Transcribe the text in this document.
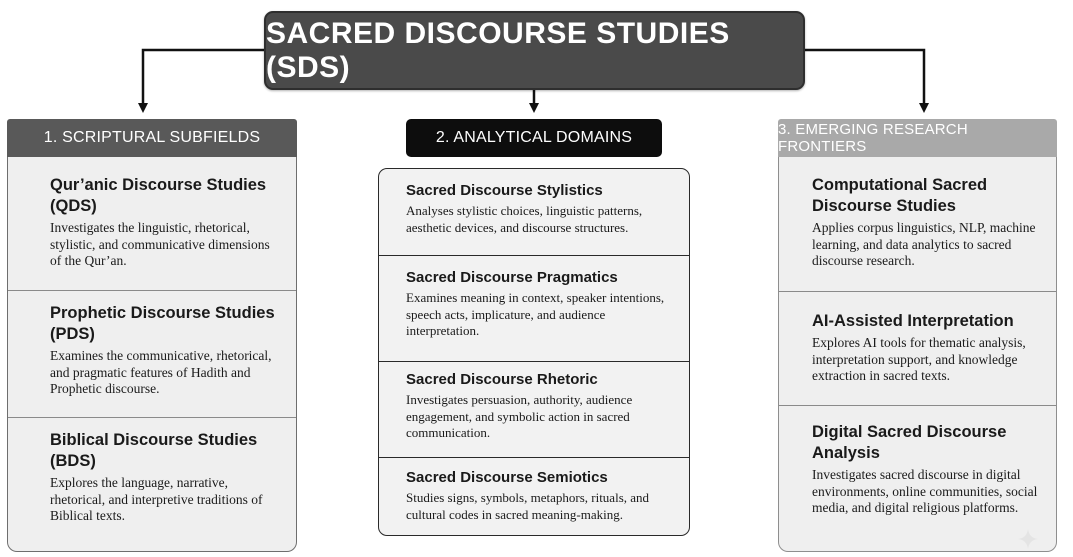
SACRED DISCOURSE STUDIES (SDS)
1. SCRIPTURAL SUBFIELDS
Qur’anic Discourse Studies (QDS)
Investigates the linguistic, rhetorical, stylistic, and communicative dimensions of the Qur’an.
Prophetic Discourse Studies (PDS)
Examines the communicative, rhetorical, and pragmatic features of Hadith and Prophetic discourse.
Biblical Discourse Studies (BDS)
Explores the language, narrative, rhetorical, and interpretive traditions of Biblical texts.
2. ANALYTICAL DOMAINS
Sacred Discourse Stylistics
Analyses stylistic choices, linguistic patterns, aesthetic devices, and discourse structures.
Sacred Discourse Pragmatics
Examines meaning in context, speaker intentions, speech acts, implicature, and audience interpretation.
Sacred Discourse Rhetoric
Investigates persuasion, authority, audience engagement, and symbolic action in sacred communication.
Sacred Discourse Semiotics
Studies signs, symbols, metaphors, rituals, and cultural codes in sacred meaning-making.
3. EMERGING RESEARCH FRONTIERS
Computational Sacred Discourse Studies
Applies corpus linguistics, NLP, machine learning, and data analytics to sacred discourse research.
AI-Assisted Interpretation
Explores AI tools for thematic analysis, interpretation support, and knowledge extraction in sacred texts.
Digital Sacred Discourse Analysis
Investigates sacred discourse in digital environments, online communities, social media, and digital religious platforms.
